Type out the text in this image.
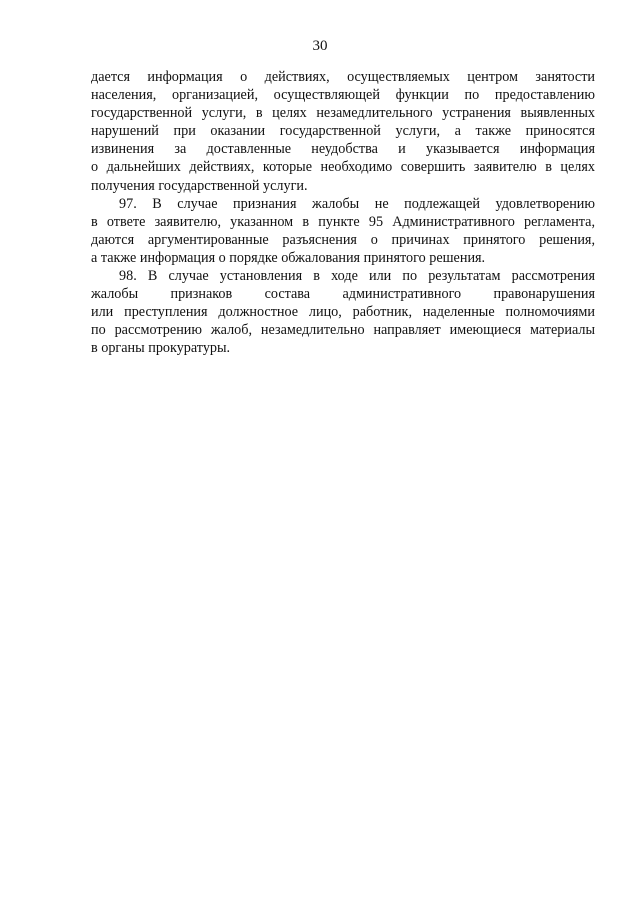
30
дается информация о действиях, осуществляемых центром занятости
населения, организацией, осуществляющей функции по предоставлению
государственной услуги, в целях незамедлительного устранения выявленных
нарушений при оказании государственной услуги, а также приносятся
извинения за доставленные неудобства и указывается информация
о дальнейших действиях, которые необходимо совершить заявителю в целях
получения государственной услуги.
97. В случае признания жалобы не подлежащей удовлетворению
в ответе заявителю, указанном в пункте 95 Административного регламента,
даются аргументированные разъяснения о причинах принятого решения,
а также информация о порядке обжалования принятого решения.
98. В случае установления в ходе или по результатам рассмотрения
жалобы признаков состава административного правонарушения
или преступления должностное лицо, работник, наделенные полномочиями
по рассмотрению жалоб, незамедлительно направляет имеющиеся материалы
в органы прокуратуры.
